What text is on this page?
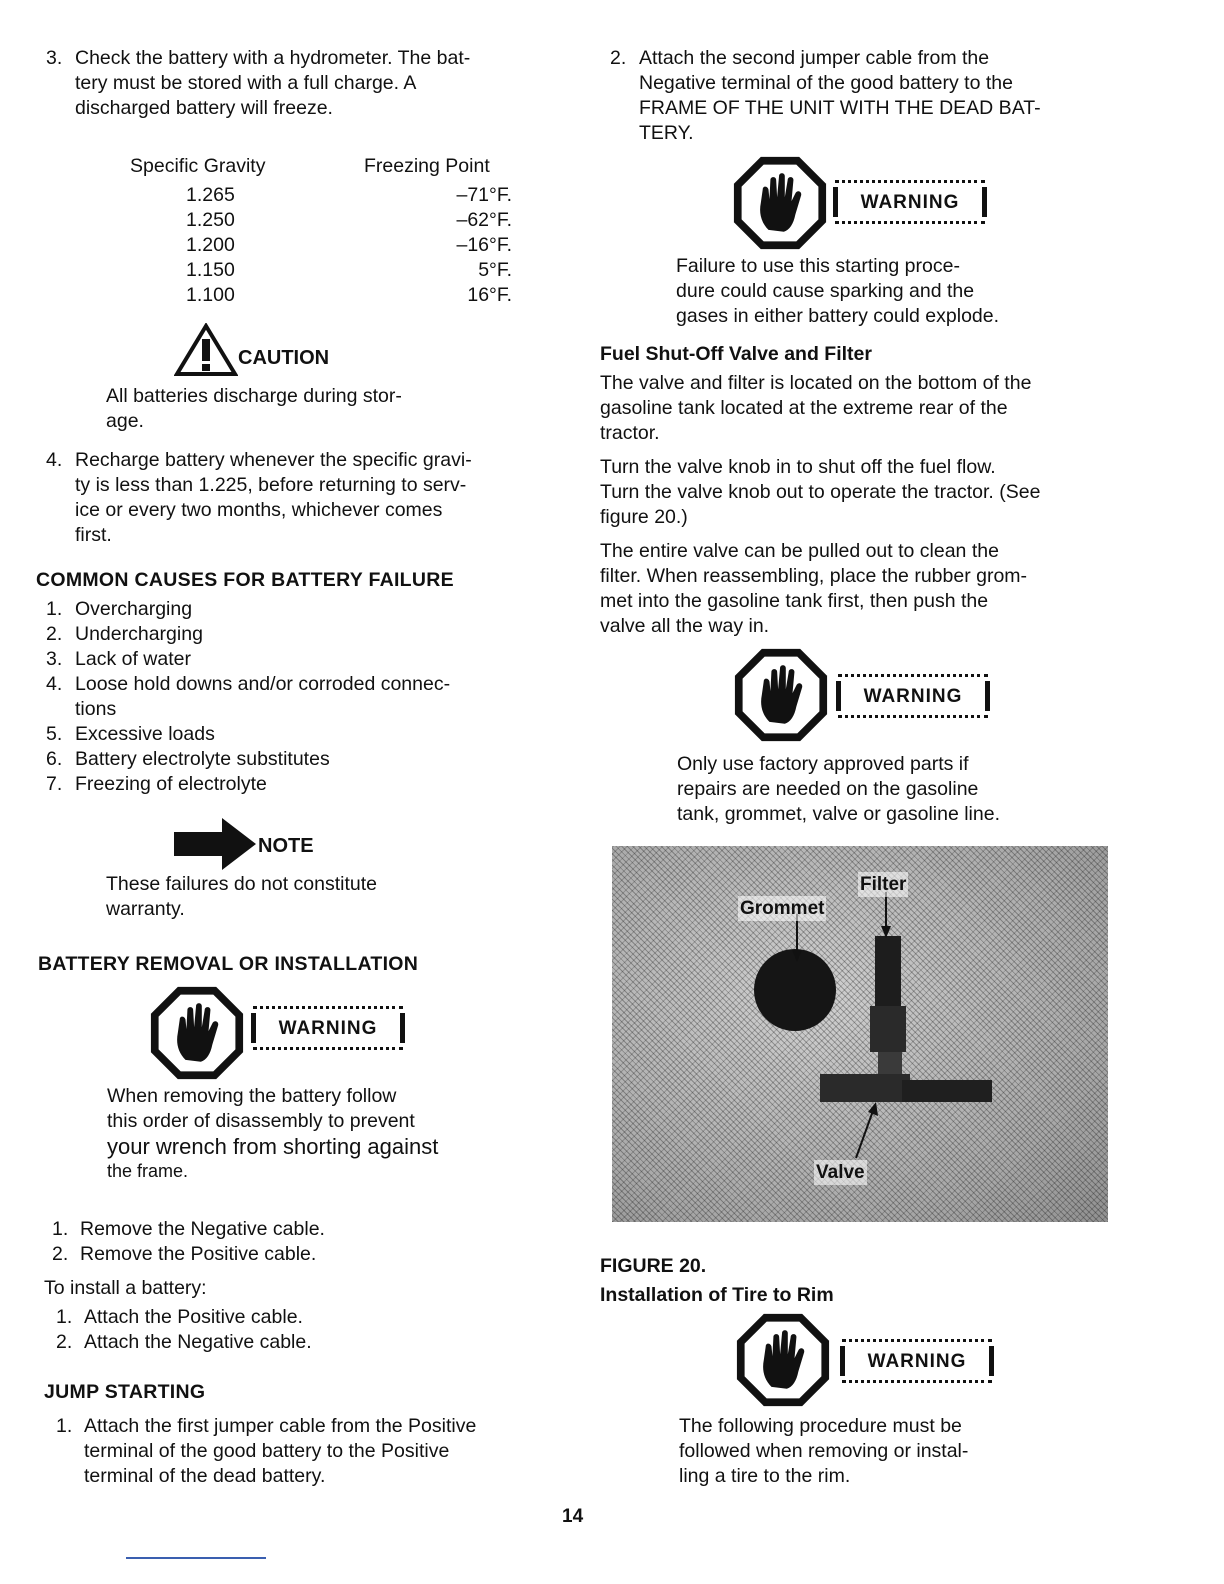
3. Check the battery with a hydrometer. The bat-

tery must be stored with a full charge. A

discharged battery will freeze.

Specific Gravity	Freezing Point
1.265	–71°F.
1.250	–62°F.
1.200	–16°F.
1.150	5°F.
1.100	16°F.
CAUTION

All batteries discharge during stor-

age.

4. Recharge battery whenever the specific gravi-

ty is less than 1.225, before returning to serv-

ice or every two months, whichever comes

first.

COMMON CAUSES FOR BATTERY FAILURE
1. Overcharging
2. Undercharging
3. Lack of water
4. Loose hold downs and/or corroded connec-

tions

5. Excessive loads
6. Battery electrolyte substitutes
7. Freezing of electrolyte
NOTE

These failures do not constitute

warranty.

BATTERY REMOVAL OR INSTALLATION
WARNING

When removing the battery follow

this order of disassembly to prevent

your wrench from shorting against

the frame.

1. Remove the Negative cable.
2. Remove the Positive cable.
To install a battery:
1. Attach the Positive cable.
2. Attach the Negative cable.
JUMP STARTING
1. Attach the first jumper cable from the Positive

terminal of the good battery to the Positive

terminal of the dead battery.

2. Attach the second jumper cable from the

Negative terminal of the good battery to the

FRAME OF THE UNIT WITH THE DEAD BAT-

TERY.

WARNING

Failure to use this starting proce-

dure could cause sparking and the

gases in either battery could explode.

Fuel Shut-Off Valve and Filter

The valve and filter is located on the bottom of the

gasoline tank located at the extreme rear of the

tractor.

Turn the valve knob in to shut off the fuel flow.

Turn the valve knob out to operate the tractor. (See

figure 20.)

The entire valve can be pulled out to clean the

filter. When reassembling, place the rubber grom-

met into the gasoline tank first, then push the

valve all the way in.

WARNING

Only use factory approved parts if

repairs are needed on the gasoline

tank, grommet, valve or gasoline line.

Filter
Grommet
Valve
FIGURE 20.
Installation of Tire to Rim
WARNING

The following procedure must be

followed when removing or instal-

ling a tire to the rim.

14
